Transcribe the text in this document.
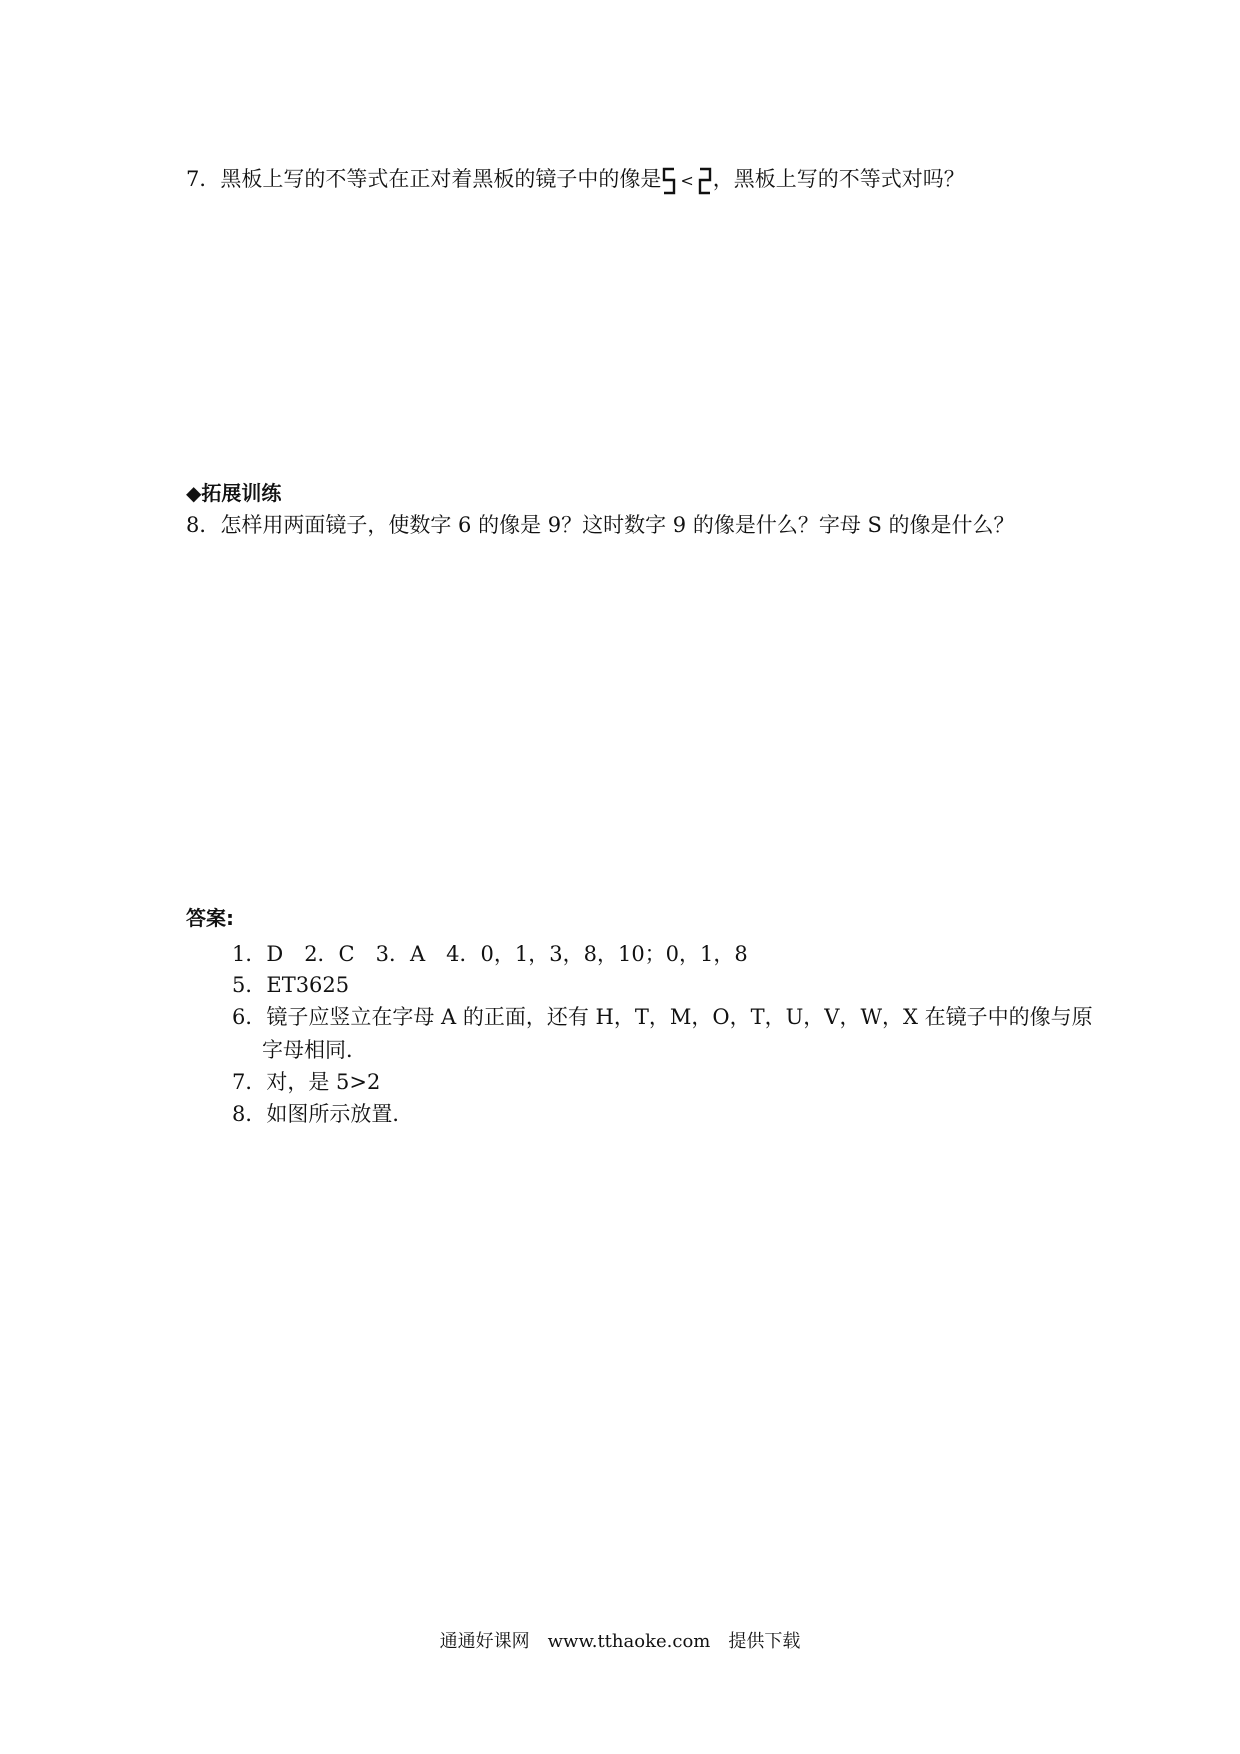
7．黑板上写的不等式在正对着黑板的镜子中的像是 < ，黑板上写的不等式对吗？
◆拓展训练
8．怎样用两面镜子，使数字 6 的像是 9？这时数字 9 的像是什么？字母 S 的像是什么？
答案:
1．D　2．C　3．A　4．0，1，3，8，10；0，1，8
5．ET3625
6．镜子应竖立在字母 A 的正面，还有 H，T，M，O，T，U，V，W，X 在镜子中的像与原
字母相同．
7．对，是 5>2
8．如图所示放置．
通通好课网　www.tthaoke.com　提供下载
